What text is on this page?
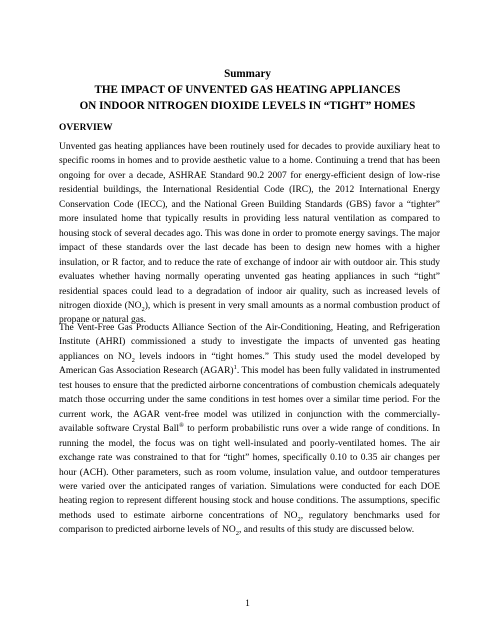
Summary
THE IMPACT OF UNVENTED GAS HEATING APPLIANCES
ON INDOOR NITROGEN DIOXIDE LEVELS IN “TIGHT” HOMES
OVERVIEW

Unvented gas heating appliances have been routinely used for decades to provide auxiliary heat to specific rooms in homes and to provide aesthetic value to a home. Continuing a trend that has been ongoing for over a decade, ASHRAE Standard 90.2 2007 for energy-efficient design of low-rise residential buildings, the International Residential Code (IRC), the 2012 International Energy Conservation Code (IECC), and the National Green Building Standards (GBS) favor a “tighter” more insulated home that typically results in providing less natural ventilation as compared to housing stock of several decades ago. This was done in order to promote energy savings. The major impact of these standards over the last decade has been to design new homes with a higher insulation, or R factor, and to reduce the rate of exchange of indoor air with outdoor air. This study evaluates whether having normally operating unvented gas heating appliances in such “tight” residential spaces could lead to a degradation of indoor air quality, such as increased levels of nitrogen dioxide $(NO_2)$, which is present in very small amounts as a normal combustion product of propane or natural gas.

The Vent-Free Gas Products Alliance Section of the Air-Conditioning, Heating, and Refrigeration Institute (AHRI) commissioned a study to investigate the impacts of unvented gas heating appliances on $NO_2$ levels indoors in “tight homes.” This study used the model developed by American Gas Association Research (AGAR)$^1$. This model has been fully validated in instrumented test houses to ensure that the predicted airborne concentrations of combustion chemicals adequately match those occurring under the same conditions in test homes over a similar time period. For the current work, the AGAR vent-free model was utilized in conjunction with the commercially-available software Crystal Ball® to perform probabilistic runs over a wide range of conditions. In running the model, the focus was on tight well-insulated and poorly-ventilated homes. The air exchange rate was constrained to that for “tight” homes, specifically 0.10 to 0.35 air changes per hour (ACH). Other parameters, such as room volume, insulation value, and outdoor temperatures were varied over the anticipated ranges of variation. Simulations were conducted for each DOE heating region to represent different housing stock and house conditions. The assumptions, specific methods used to estimate airborne concentrations of $NO_2$, regulatory benchmarks used for comparison to predicted airborne levels of $NO_2$, and results of this study are discussed below.

1
